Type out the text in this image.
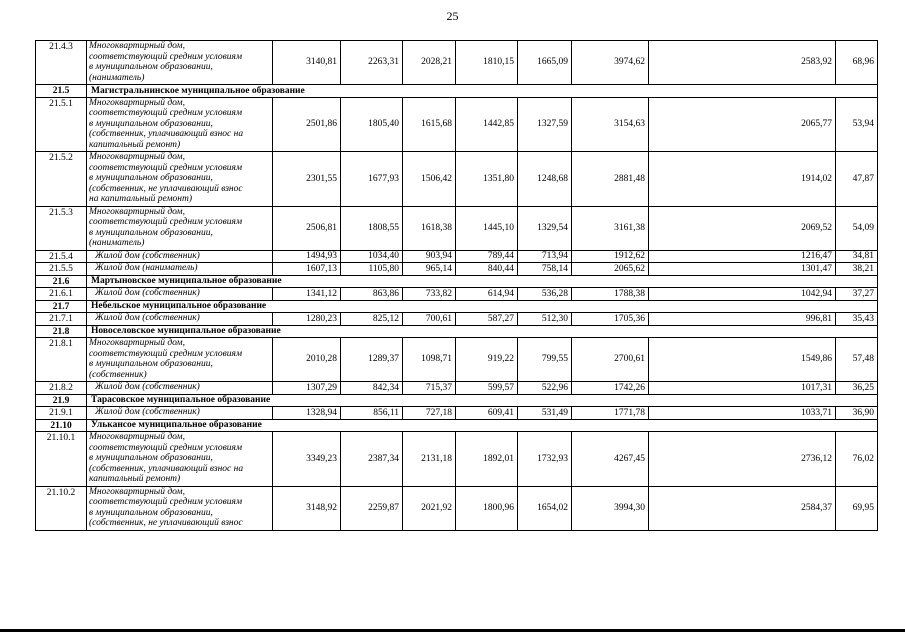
25
21.4.3	Многоквартирный дом,
соответствующий средним условиям
в муниципальном образовании,
(наниматель)	3140,81	2263,31	2028,21	1810,15	1665,09	3974,62	2583,92	68,96
21.5	Магистральнинское муниципальное образование								
21.5.1	Многоквартирный дом,
соответствующий средним условиям
в муниципальном образовании,
(собственник, уплачивающий взнос на
капитальный ремонт)	2501,86	1805,40	1615,68	1442,85	1327,59	3154,63	2065,77	53,94
21.5.2	Многоквартирный дом,
соответствующий средним условиям
в муниципальном образовании,
(собственник, не уплачивающий взнос
на капитальный ремонт)	2301,55	1677,93	1506,42	1351,80	1248,68	2881,48	1914,02	47,87
21.5.3	Многоквартирный дом,
соответствующий средним условиям
в муниципальном образовании,
(наниматель)	2506,81	1808,55	1618,38	1445,10	1329,54	3161,38	2069,52	54,09
21.5.4	Жилой дом (собственник)	1494,93	1034,40	903,94	789,44	713,94	1912,62	1216,47	34,81
21.5.5	Жилой дом (наниматель)	1607,13	1105,80	965,14	840,44	758,14	2065,62	1301,47	38,21
21.6	Мартыновское муниципальное образование								
21.6.1	Жилой дом (собственник)	1341,12	863,86	733,82	614,94	536,28	1788,38	1042,94	37,27
21.7	Небельское муниципальное образование								
21.7.1	Жилой дом (собственник)	1280,23	825,12	700,61	587,27	512,30	1705,36	996,81	35,43
21.8	Новоселовское муниципальное образование								
21.8.1	Многоквартирный дом,
соответствующий средним условиям
в муниципальном образовании,
(собственник)	2010,28	1289,37	1098,71	919,22	799,55	2700,61	1549,86	57,48
21.8.2	Жилой дом (собственник)	1307,29	842,34	715,37	599,57	522,96	1742,26	1017,31	36,25
21.9	Тарасовское муниципальное образование								
21.9.1	Жилой дом (собственник)	1328,94	856,11	727,18	609,41	531,49	1771,78	1033,71	36,90
21.10	Улькансое муниципальное образование								
21.10.1	Многоквартирный дом,
соответствующий средним условиям
в муниципальном образовании,
(собственник, уплачивающий взнос на
капитальный ремонт)	3349,23	2387,34	2131,18	1892,01	1732,93	4267,45	2736,12	76,02
21.10.2	Многоквартирный дом,
соответствующий средним условиям
в муниципальном образовании,
(собственник, не уплачивающий взнос	3148,92	2259,87	2021,92	1800,96	1654,02	3994,30	2584,37	69,95
